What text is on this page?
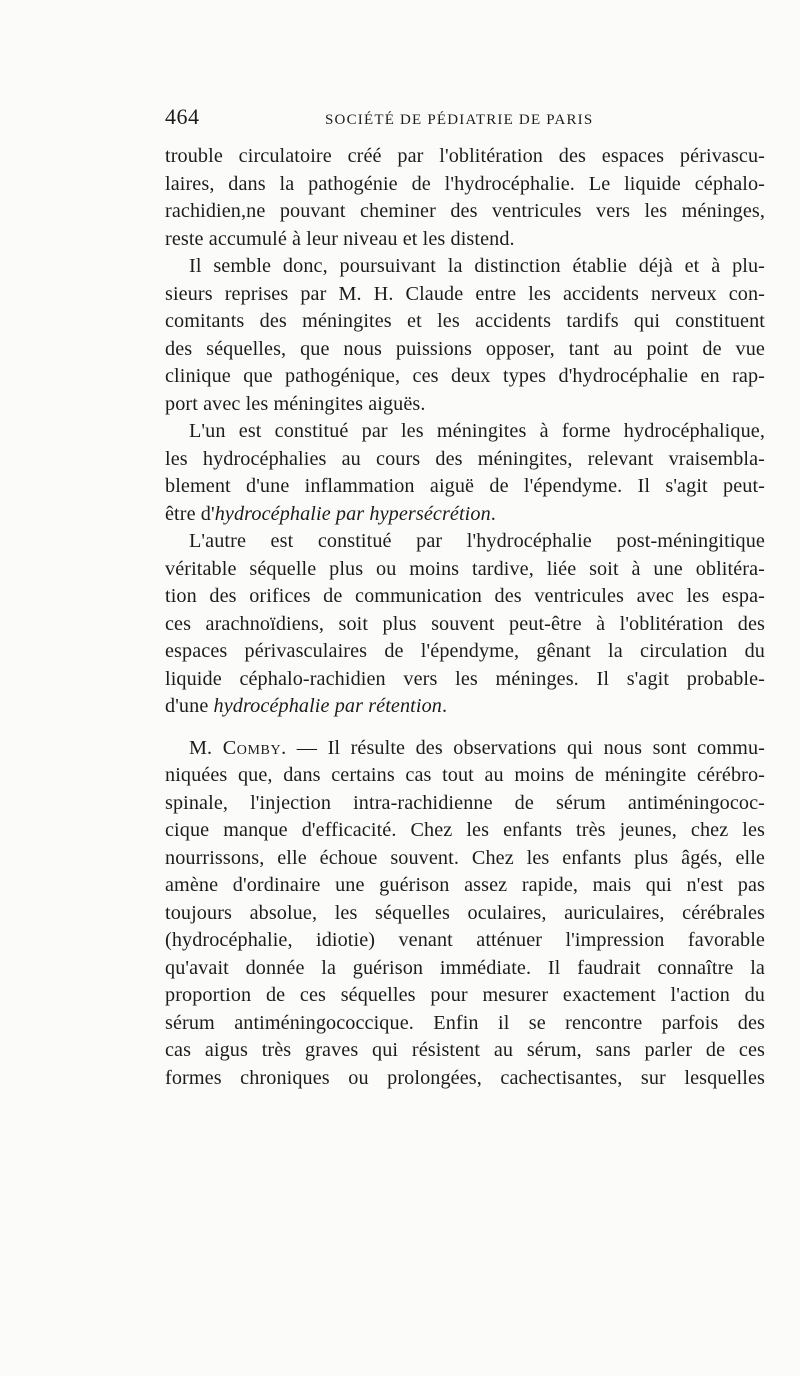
464	SOCIÉTÉ DE PÉDIATRIE DE PARIS
trouble circulatoire créé par l'oblitération des espaces périvascu-
laires, dans la pathogénie de l'hydrocéphalie. Le liquide céphalo-
rachidien,ne pouvant cheminer des ventricules vers les méninges,
reste accumulé à leur niveau et les distend.
Il semble donc, poursuivant la distinction établie déjà et à plu-
sieurs reprises par M. H. Claude entre les accidents nerveux con-
comitants des méningites et les accidents tardifs qui constituent
des séquelles, que nous puissions opposer, tant au point de vue
clinique que pathogénique, ces deux types d'hydrocéphalie en rap-
port avec les méningites aiguës.
L'un est constitué par les méningites à forme hydrocéphalique,
les hydrocéphalies au cours des méningites, relevant vraisembla-
blement d'une inflammation aiguë de l'épendyme. Il s'agit peut-
être d'hydrocéphalie par hypersécrétion.
L'autre est constitué par l'hydrocéphalie post-méningitique
véritable séquelle plus ou moins tardive, liée soit à une oblitéra-
tion des orifices de communication des ventricules avec les espa-
ces arachnoïdiens, soit plus souvent peut-être à l'oblitération des
espaces périvasculaires de l'épendyme, gênant la circulation du
liquide céphalo-rachidien vers les méninges. Il s'agit probable-
d'une hydrocéphalie par rétention.
M. Comby. — Il résulte des observations qui nous sont commu-
niquées que, dans certains cas tout au moins de méningite cérébro-
spinale, l'injection intra-rachidienne de sérum antiméningococ-
cique manque d'efficacité. Chez les enfants très jeunes, chez les
nourrissons, elle échoue souvent. Chez les enfants plus âgés, elle
amène d'ordinaire une guérison assez rapide, mais qui n'est pas
toujours absolue, les séquelles oculaires, auriculaires, cérébrales
(hydrocéphalie, idiotie) venant atténuer l'impression favorable
qu'avait donnée la guérison immédiate. Il faudrait connaître la
proportion de ces séquelles pour mesurer exactement l'action du
sérum antiméningococcique. Enfin il se rencontre parfois des
cas aigus très graves qui résistent au sérum, sans parler de ces
formes chroniques ou prolongées, cachectisantes, sur lesquelles
